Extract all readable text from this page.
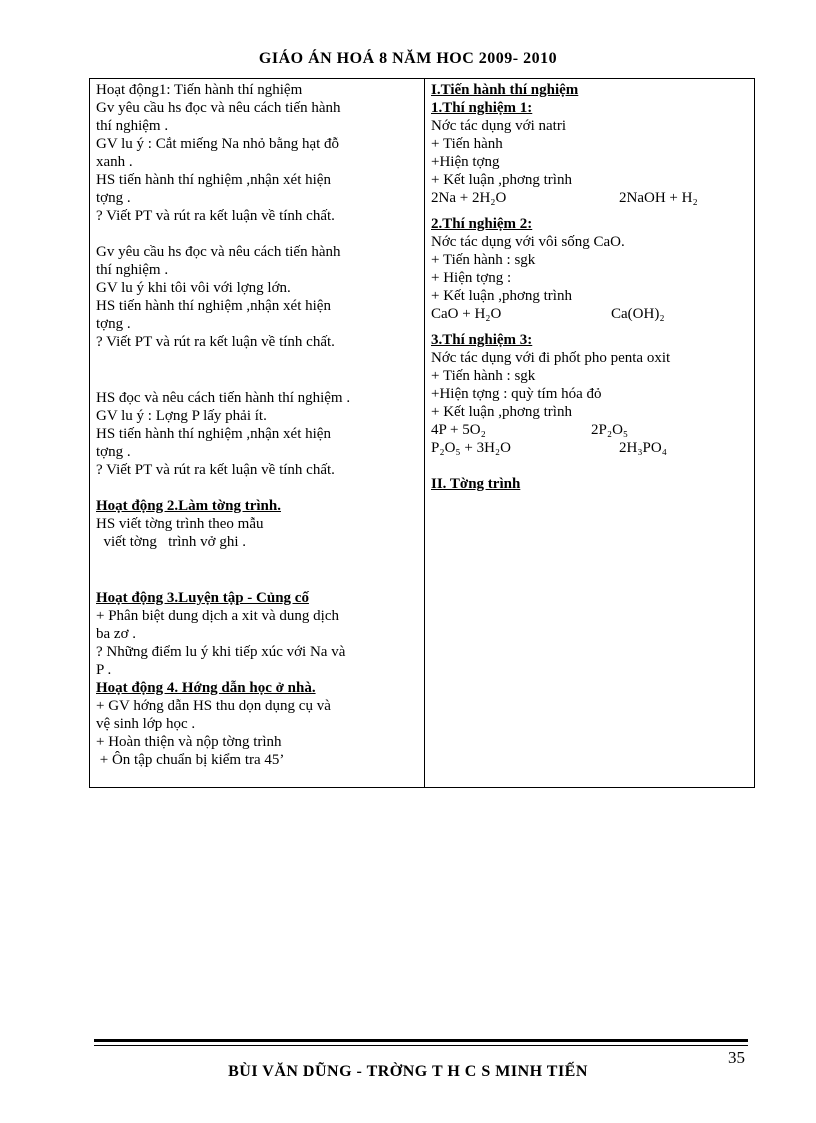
GIÁO ÁN HOÁ 8 NĂM HOC 2009- 2010
Hoạt động1: Tiến hành thí nghiệm
Gv yêu cầu hs đọc và nêu cách tiến hành
thí nghiệm .
GV lu ý : Cắt miếng Na nhỏ bằng hạt đỗ
xanh .
HS tiến hành thí nghiệm ,nhận xét hiện
tợng .
? Viết PT và rút ra kết luận về tính chất.
Gv yêu cầu hs đọc và nêu cách tiến hành
thí nghiệm .
GV lu ý khi tôi vôi với lợng lớn.
HS tiến hành thí nghiệm ,nhận xét hiện
tợng .
? Viết PT và rút ra kết luận về tính chất.
HS đọc và nêu cách tiến hành thí nghiệm .
GV lu ý : Lợng P lấy phải ít.
HS tiến hành thí nghiệm ,nhận xét hiện
tợng .
? Viết PT và rút ra kết luận về tính chất.
Hoạt động 2.Làm tờng trình.
HS viết tờng trình theo mẫu
viết tờng   trình vở ghi .
Hoạt động 3.Luyện tập - Củng cố
+ Phân biệt dung dịch a xit và dung dịch
ba zơ .
? Những điểm lu ý khi tiếp xúc với Na và
P .
Hoạt động 4. Hớng dẫn học ở nhà.
+ GV hớng dẫn HS thu dọn dụng cụ và
vệ sinh lớp học .
+ Hoàn thiện và nộp tờng trình
+ Ôn tập chuẩn bị kiểm tra 45’
I.Tiến hành thí nghiệm
1.Thí nghiệm 1:
Nớc tác dụng với natri
+ Tiến hành
+Hiện tợng
+ Kết luận ,phơng trình
2Na + 2H₂O	2NaOH + H₂
2.Thí nghiệm 2:
Nớc tác dụng với vôi sống CaO.
+ Tiến hành : sgk
+ Hiện tợng :
+ Kết luận ,phơng trình
CaO + H₂O	Ca(OH)₂
3.Thí nghiệm 3:
Nớc tác dụng với đi phốt pho penta oxit
+ Tiến hành : sgk
+Hiện tợng : quỳ tím hóa đỏ
+ Kết luận ,phơng trình
4P + 5O₂	2P₂O₅
P₂O₅ + 3H₂O	2H₃PO₄
II. Tờng trình
35
BÙI VĂN DŨNG - TRỜNG T H C S MINH TIẾN
